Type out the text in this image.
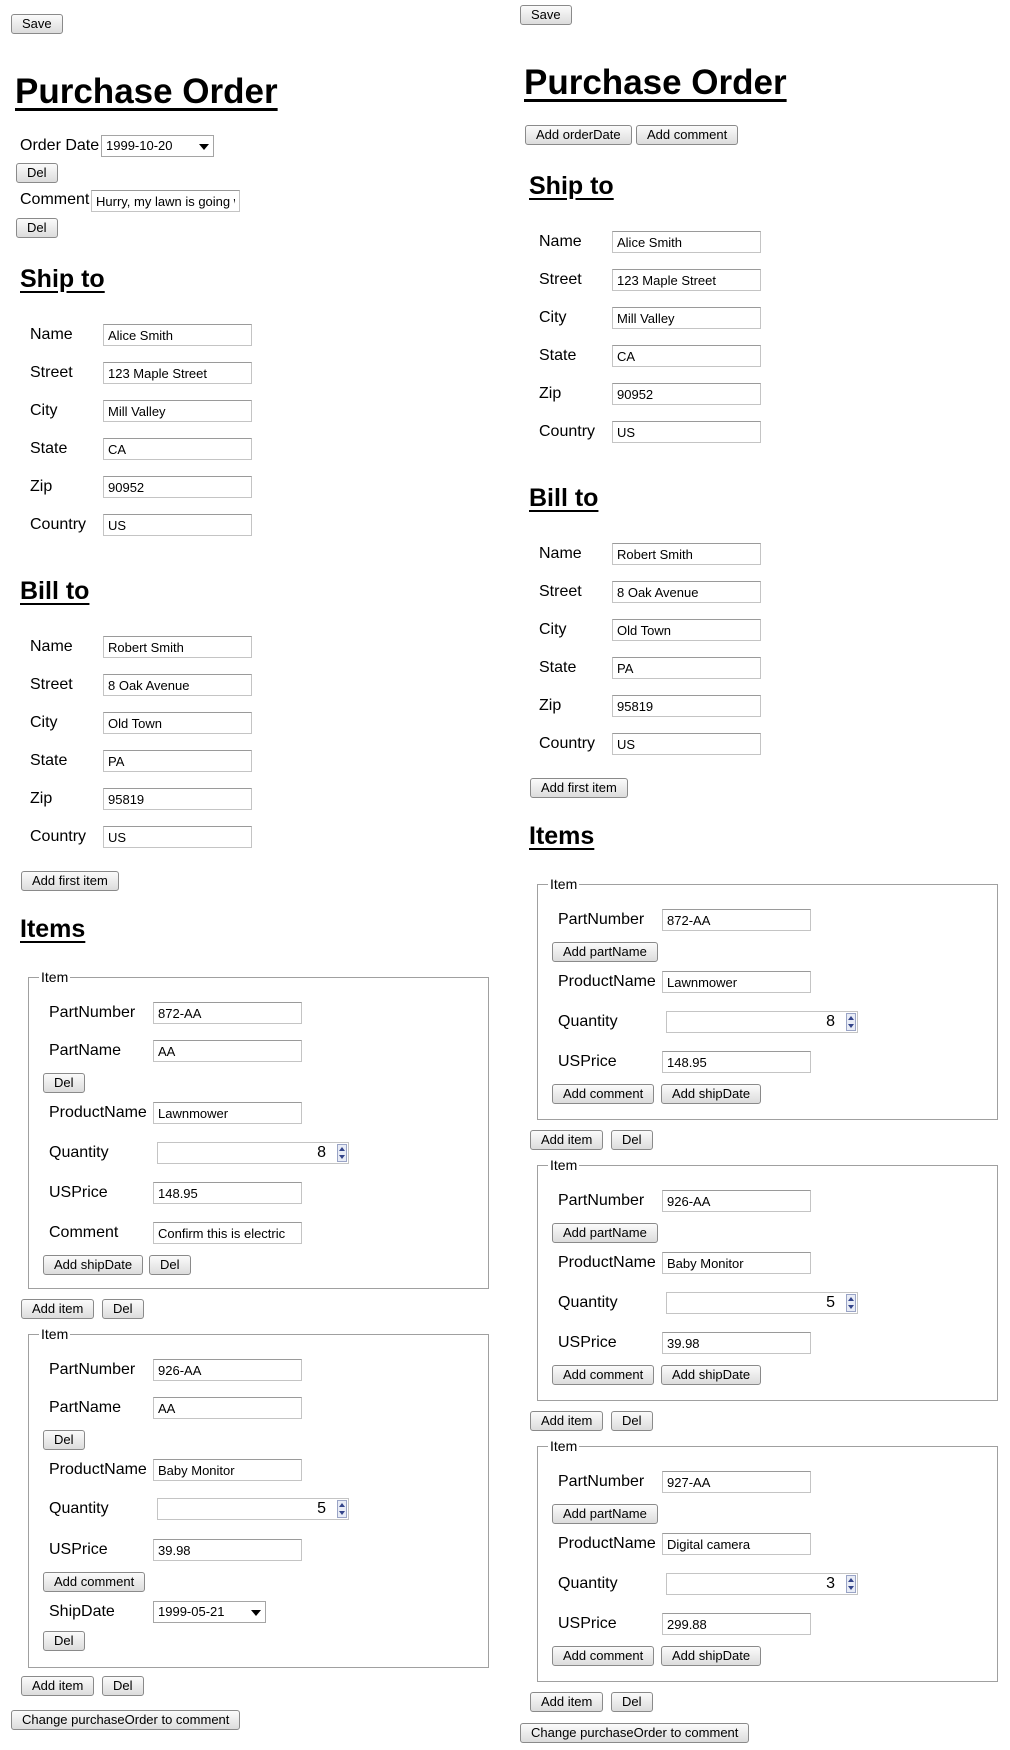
Save
Purchase Order
Order Date 1999-10-20
Del
Comment
Hurry, my lawn is going wild
Del
Ship to
Name
Alice Smith
Street
123 Maple Street
City
Mill Valley
State
CA
Zip
90952
Country
US
Bill to
Name
Robert Smith
Street
8 Oak Avenue
City
Old Town
State
PA
Zip
95819
Country
US
Add first item
Items
Item
PartNumber
872-AA
PartName
AA
Del
ProductName
Lawnmower
Quantity	8
USPrice
148.95
Comment
Confirm this is electric
Add shipDate	Del
Add item	Del
Item
PartNumber
926-AA
PartName
AA
Del
ProductName
Baby Monitor
Quantity	5
USPrice
39.98
Add comment
ShipDate	1999-05-21
Del
Add item	Del
Change purchaseOrder to comment
Save
Purchase Order
Add orderDate	Add comment
Ship to
Name
Alice Smith
Street
123 Maple Street
City
Mill Valley
State
CA
Zip
90952
Country
US
Bill to
Name
Robert Smith
Street
8 Oak Avenue
City
Old Town
State
PA
Zip
95819
Country
US
Add first item
Items
Item
PartNumber
872-AA
Add partName
ProductName
Lawnmower
Quantity	8
USPrice
148.95
Add comment	Add shipDate
Add item	Del
Item
PartNumber
926-AA
Add partName
ProductName
Baby Monitor
Quantity	5
USPrice
39.98
Add comment	Add shipDate
Add item	Del
Item
PartNumber
927-AA
Add partName
ProductName
Digital camera
Quantity	3
USPrice
299.88
Add comment	Add shipDate
Add item	Del
Change purchaseOrder to comment
